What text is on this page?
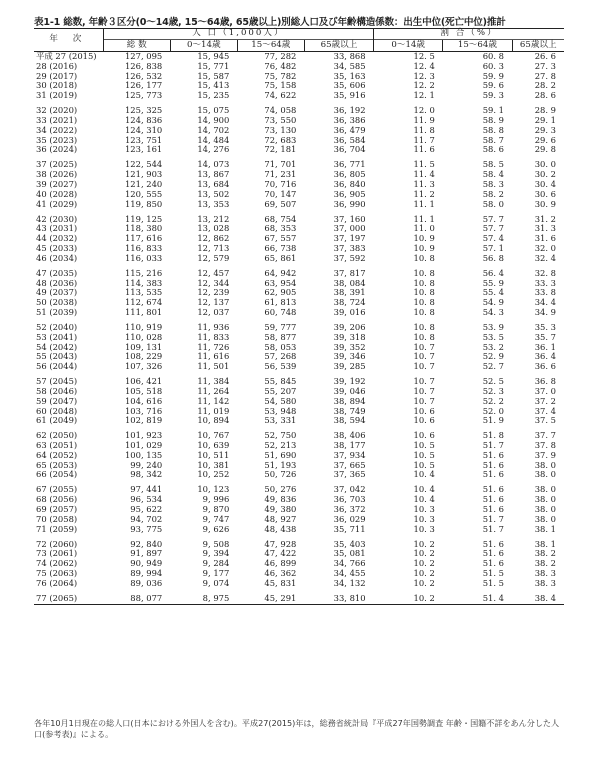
表1-1 総数, 年齢３区分(0～14歳, 15～64歳, 65歳以上)別総人口及び年齢構造係数：出生中位(死亡中位)推計
年 次	人 口（1,000人）				割 合（%）		

	総 数	0～14歳	15～64歳	65歳以上	0～14歳	15～64歳	65歳以上
平成 27 (2015)	127, 095	15, 945	77, 282	33, 868	12. 5	60. 8	26. 6
28 (2016)	126, 838	15, 771	76, 482	34, 585	12. 4	60. 3	27. 3
29 (2017)	126, 532	15, 587	75, 782	35, 163	12. 3	59. 9	27. 8
30 (2018)	126, 177	15, 413	75, 158	35, 606	12. 2	59. 6	28. 2
31 (2019)	125, 773	15, 235	74, 622	35, 916	12. 1	59. 3	28. 6

32 (2020)	125, 325	15, 075	74, 058	36, 192	12. 0	59. 1	28. 9
33 (2021)	124, 836	14, 900	73, 550	36, 386	11. 9	58. 9	29. 1
34 (2022)	124, 310	14, 702	73, 130	36, 479	11. 8	58. 8	29. 3
35 (2023)	123, 751	14, 484	72, 683	36, 584	11. 7	58. 7	29. 6
36 (2024)	123, 161	14, 276	72, 181	36, 704	11. 6	58. 6	29. 8

37 (2025)	122, 544	14, 073	71, 701	36, 771	11. 5	58. 5	30. 0
38 (2026)	121, 903	13, 867	71, 231	36, 805	11. 4	58. 4	30. 2
39 (2027)	121, 240	13, 684	70, 716	36, 840	11. 3	58. 3	30. 4
40 (2028)	120, 555	13, 502	70, 147	36, 905	11. 2	58. 2	30. 6
41 (2029)	119, 850	13, 353	69, 507	36, 990	11. 1	58. 0	30. 9

42 (2030)	119, 125	13, 212	68, 754	37, 160	11. 1	57. 7	31. 2
43 (2031)	118, 380	13, 028	68, 353	37, 000	11. 0	57. 7	31. 3
44 (2032)	117, 616	12, 862	67, 557	37, 197	10. 9	57. 4	31. 6
45 (2033)	116, 833	12, 713	66, 738	37, 383	10. 9	57. 1	32. 0
46 (2034)	116, 033	12, 579	65, 861	37, 592	10. 8	56. 8	32. 4

47 (2035)	115, 216	12, 457	64, 942	37, 817	10. 8	56. 4	32. 8
48 (2036)	114, 383	12, 344	63, 954	38, 084	10. 8	55. 9	33. 3
49 (2037)	113, 535	12, 239	62, 905	38, 391	10. 8	55. 4	33. 8
50 (2038)	112, 674	12, 137	61, 813	38, 724	10. 8	54. 9	34. 4
51 (2039)	111, 801	12, 037	60, 748	39, 016	10. 8	54. 3	34. 9

52 (2040)	110, 919	11, 936	59, 777	39, 206	10. 8	53. 9	35. 3
53 (2041)	110, 028	11, 833	58, 877	39, 318	10. 8	53. 5	35. 7
54 (2042)	109, 131	11, 726	58, 053	39, 352	10. 7	53. 2	36. 1
55 (2043)	108, 229	11, 616	57, 268	39, 346	10. 7	52. 9	36. 4
56 (2044)	107, 326	11, 501	56, 539	39, 285	10. 7	52. 7	36. 6

57 (2045)	106, 421	11, 384	55, 845	39, 192	10. 7	52. 5	36. 8
58 (2046)	105, 518	11, 264	55, 207	39, 046	10. 7	52. 3	37. 0
59 (2047)	104, 616	11, 142	54, 580	38, 894	10. 7	52. 2	37. 2
60 (2048)	103, 716	11, 019	53, 948	38, 749	10. 6	52. 0	37. 4
61 (2049)	102, 819	10, 894	53, 331	38, 594	10. 6	51. 9	37. 5

62 (2050)	101, 923	10, 767	52, 750	38, 406	10. 6	51. 8	37. 7
63 (2051)	101, 029	10, 639	52, 213	38, 177	10. 5	51. 7	37. 8
64 (2052)	100, 135	10, 511	51, 690	37, 934	10. 5	51. 6	37. 9
65 (2053)	99, 240	10, 381	51, 193	37, 665	10. 5	51. 6	38. 0
66 (2054)	98, 342	10, 252	50, 726	37, 365	10. 4	51. 6	38. 0

67 (2055)	97, 441	10, 123	50, 276	37, 042	10. 4	51. 6	38. 0
68 (2056)	96, 534	9, 996	49, 836	36, 703	10. 4	51. 6	38. 0
69 (2057)	95, 622	9, 870	49, 380	36, 372	10. 3	51. 6	38. 0
70 (2058)	94, 702	9, 747	48, 927	36, 029	10. 3	51. 7	38. 0
71 (2059)	93, 775	9, 626	48, 438	35, 711	10. 3	51. 7	38. 1

72 (2060)	92, 840	9, 508	47, 928	35, 403	10. 2	51. 6	38. 1
73 (2061)	91, 897	9, 394	47, 422	35, 081	10. 2	51. 6	38. 2
74 (2062)	90, 949	9, 284	46, 899	34, 766	10. 2	51. 6	38. 2
75 (2063)	89, 994	9, 177	46, 362	34, 455	10. 2	51. 5	38. 3
76 (2064)	89, 036	9, 074	45, 831	34, 132	10. 2	51. 5	38. 3

77 (2065)	88, 077	8, 975	45, 291	33, 810	10. 2	51. 4	38. 4
各年10月1日現在の総人口(日本における外国人を含む)。平成27(2015)年は，総務省統計局『平成27年国勢調査 年齢・国籍不詳をあん分した人口(参考表)』による。
